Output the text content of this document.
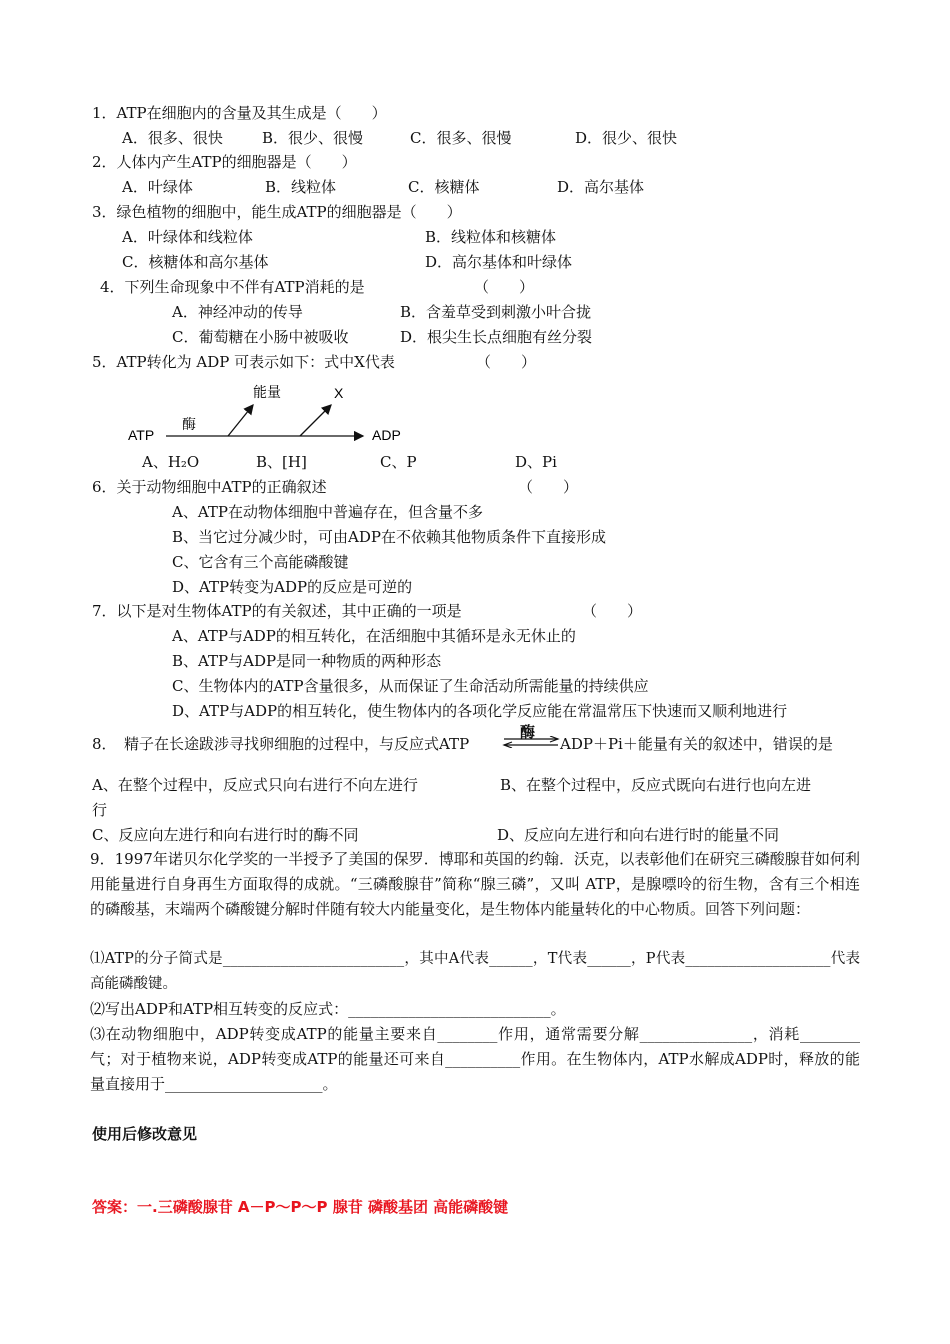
1．ATP在细胞内的含量及其生成是（　　）
A．很多、很快	B．很少、很慢	C．很多、很慢	D．很少、很快
2．人体内产生ATP的细胞器是（　　）
A．叶绿体	B．线粒体	C．核糖体	D．高尔基体
3．绿色植物的细胞中，能生成ATP的细胞器是（　　）
A．叶绿体和线粒体	B．线粒体和核糖体
C．核糖体和高尔基体	D．高尔基体和叶绿体
4．下列生命现象中不伴有ATP消耗的是	（　　）
A．神经冲动的传导	B．含羞草受到刺激小叶合拢
C．葡萄糖在小肠中被吸收	D．根尖生长点细胞有丝分裂
5．ATP转化为 ADP 可表示如下：式中X代表	（　　）
ATP
酶
能量	X
ADP
A、H₂O	B、[H]	C、P	D、Pi
6．关于动物细胞中ATP的正确叙述	（　　）
A、ATP在动物体细胞中普遍存在，但含量不多
B、当它过分减少时，可由ADP在不依赖其他物质条件下直接形成
C、它含有三个高能磷酸键
D、ATP转变为ADP的反应是可逆的
7．以下是对生物体ATP的有关叙述，其中正确的一项是	（　　）
A、ATP与ADP的相互转化，在活细胞中其循环是永无休止的
B、ATP与ADP是同一种物质的两种形态
C、生物体内的ATP含量很多，从而保证了生命活动所需能量的持续供应
D、ATP与ADP的相互转化，使生物体内的各项化学反应能在常温常压下快速而又顺利地进行
8．　精子在长途跋涉寻找卵细胞的过程中，与反应式ATP
酶
⇌ ADP＋Pi＋能量有关的叙述中，错误的是
A、在整个过程中，反应式只向右进行不向左进行	B、在整个过程中，反应式既向右进行也向左进
行
C、反应向左进行和向右进行时的酶不同	D、反应向左进行和向右进行时的能量不同
9．1997年诺贝尔化学奖的一半授予了美国的保罗．博耶和英国的约翰．沃克，以表彰他们在研究三磷酸腺苷如何利用能量进行自身再生方面取得的成就。“三磷酸腺苷”简称“腺三磷”，又叫 ATP，是腺嘌呤的衍生物，含有三个相连的磷酸基，末端两个磷酸键分解时伴随有较大内能量变化，是生物体内能量转化的中心物质。回答下列问题：
⑴ATP的分子简式是_________________________，其中A代表______，T代表______，P代表____________________代表高能磷酸键。
⑵写出ADP和ATP相互转变的反应式：___________________________。
⑶在动物细胞中，ADP转变成ATP的能量主要来自________作用，通常需要分解_______________，消耗________气；对于植物来说，ADP转变成ATP的能量还可来自__________作用。在生物体内，ATP水解成ADP时，释放的能量直接用于_____________________。
使用后修改意见
答案：一.三磷酸腺苷 A－P～P～P 腺苷 磷酸基团 高能磷酸键
